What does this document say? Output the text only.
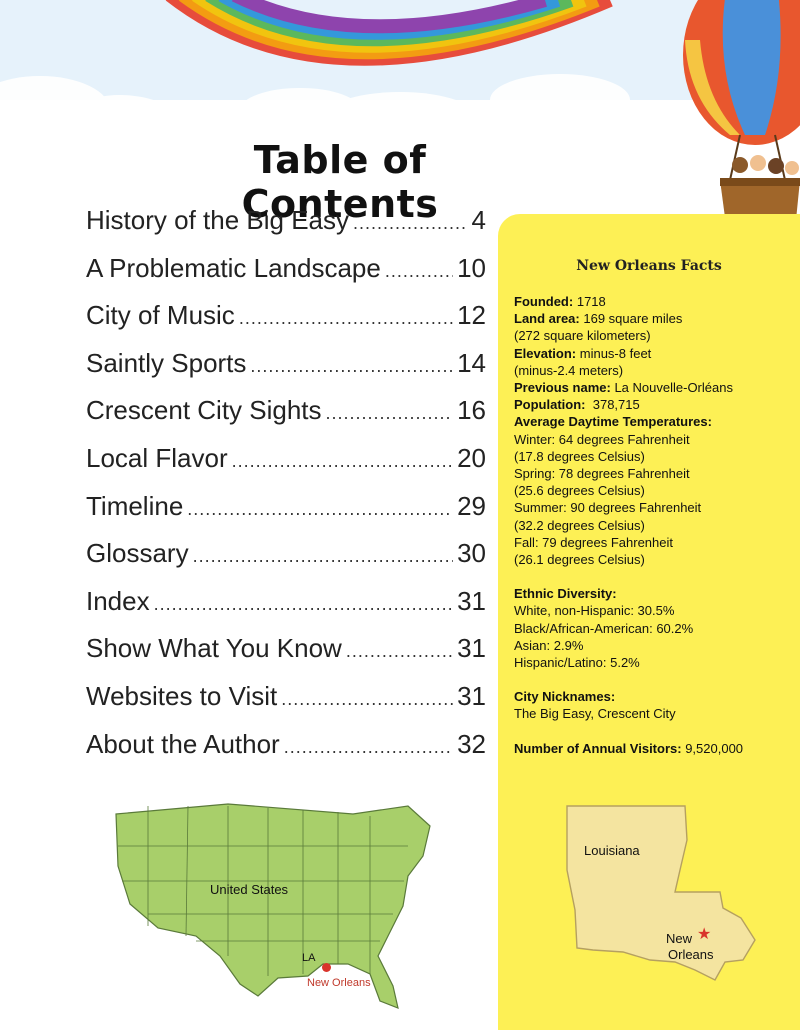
Table of Contents
History of the Big Easy .....	4
A Problematic Landscape .....	10
City of Music .....	12
Saintly Sports .....	14
Crescent City Sights .....	16
Local Flavor .....	20
Timeline .....	29
Glossary .....	30
Index .....	31
Show What You Know .....	31
Websites to Visit .....	31
About the Author .....	32
New Orleans Facts
Founded: 1718
Land area: 169 square miles
(272 square kilometers)
Elevation: minus-8 feet
(minus-2.4 meters)
Previous name: La Nouvelle-Orléans
Population: 378,715
Average Daytime Temperatures:
Winter: 64 degrees Fahrenheit
(17.8 degrees Celsius)
Spring: 78 degrees Fahrenheit
(25.6 degrees Celsius)
Summer: 90 degrees Fahrenheit
(32.2 degrees Celsius)
Fall: 79 degrees Fahrenheit
(26.1 degrees Celsius)
Ethnic Diversity:
White, non-Hispanic: 30.5%
Black/African-American: 60.2%
Asian: 2.9%
Hispanic/Latino: 5.2%
City Nicknames:
The Big Easy, Crescent City
Number of Annual Visitors: 9,520,000
United States
LA
New Orleans
Louisiana
New
Orleans
★
